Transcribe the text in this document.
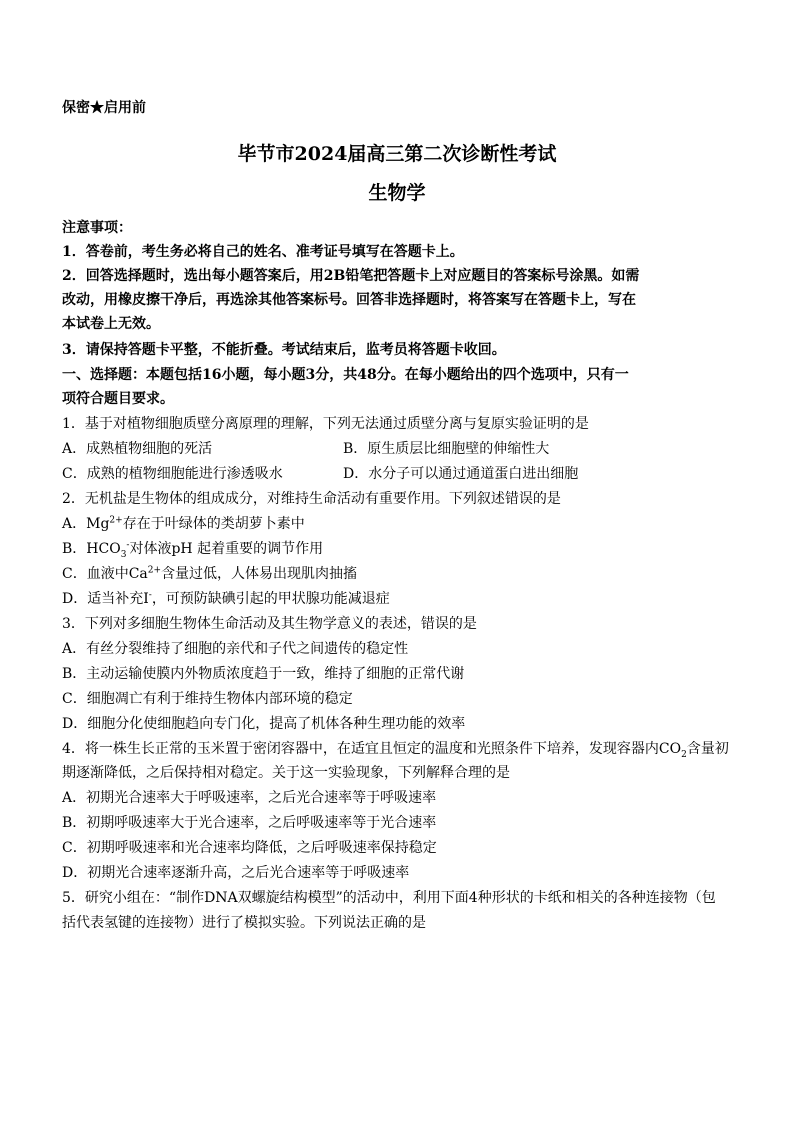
保密★启用前
毕节市2024届高三第二次诊断性考试
生物学
注意事项：
1．答卷前，考生务必将自己的姓名、准考证号填写在答题卡上。
2．回答选择题时，选出每小题答案后，用2B铅笔把答题卡上对应题目的答案标号涂黑。如需
改动，用橡皮擦干净后，再选涂其他答案标号。回答非选择题时，将答案写在答题卡上，写在
本试卷上无效。
3．请保持答题卡平整，不能折叠。考试结束后，监考员将答题卡收回。
一、选择题：本题包括16小题，每小题3分，共48分。在每小题给出的四个选项中，只有一
项符合题目要求。
1．基于对植物细胞质壁分离原理的理解，下列无法通过质壁分离与复原实验证明的是
A．成熟植物细胞的死活	B．原生质层比细胞壁的伸缩性大
C．成熟的植物细胞能进行渗透吸水	D．水分子可以通过通道蛋白进出细胞
2．无机盐是生物体的组成成分，对维持生命活动有重要作用。下列叙述错误的是
A．$Mg^{2+}$存在于叶绿体的类胡萝卜素中
B．$HCO_3^-$对体液pH 起着重要的调节作用
C．血液中$Ca^{2+}$含量过低，人体易出现肌肉抽搐
D．适当补充I-，可预防缺碘引起的甲状腺功能减退症
3．下列对多细胞生物体生命活动及其生物学意义的表述，错误的是
A．有丝分裂维持了细胞的亲代和子代之间遗传的稳定性
B．主动运输使膜内外物质浓度趋于一致，维持了细胞的正常代谢
C．细胞凋亡有利于维持生物体内部环境的稳定
D．细胞分化使细胞趋向专门化，提高了机体各种生理功能的效率
4．将一株生长正常的玉米置于密闭容器中，在适宜且恒定的温度和光照条件下培养，发现容器内$CO_2$含量初
期逐渐降低，之后保持相对稳定。关于这一实验现象，下列解释合理的是
A．初期光合速率大于呼吸速率，之后光合速率等于呼吸速率
B．初期呼吸速率大于光合速率，之后呼吸速率等于光合速率
C．初期呼吸速率和光合速率均降低，之后呼吸速率保持稳定
D．初期光合速率逐渐升高，之后光合速率等于呼吸速率
5．研究小组在：“制作DNA双螺旋结构模型”的活动中，利用下面4种形状的卡纸和相关的各种连接物（包
括代表氢键的连接物）进行了模拟实验。下列说法正确的是
